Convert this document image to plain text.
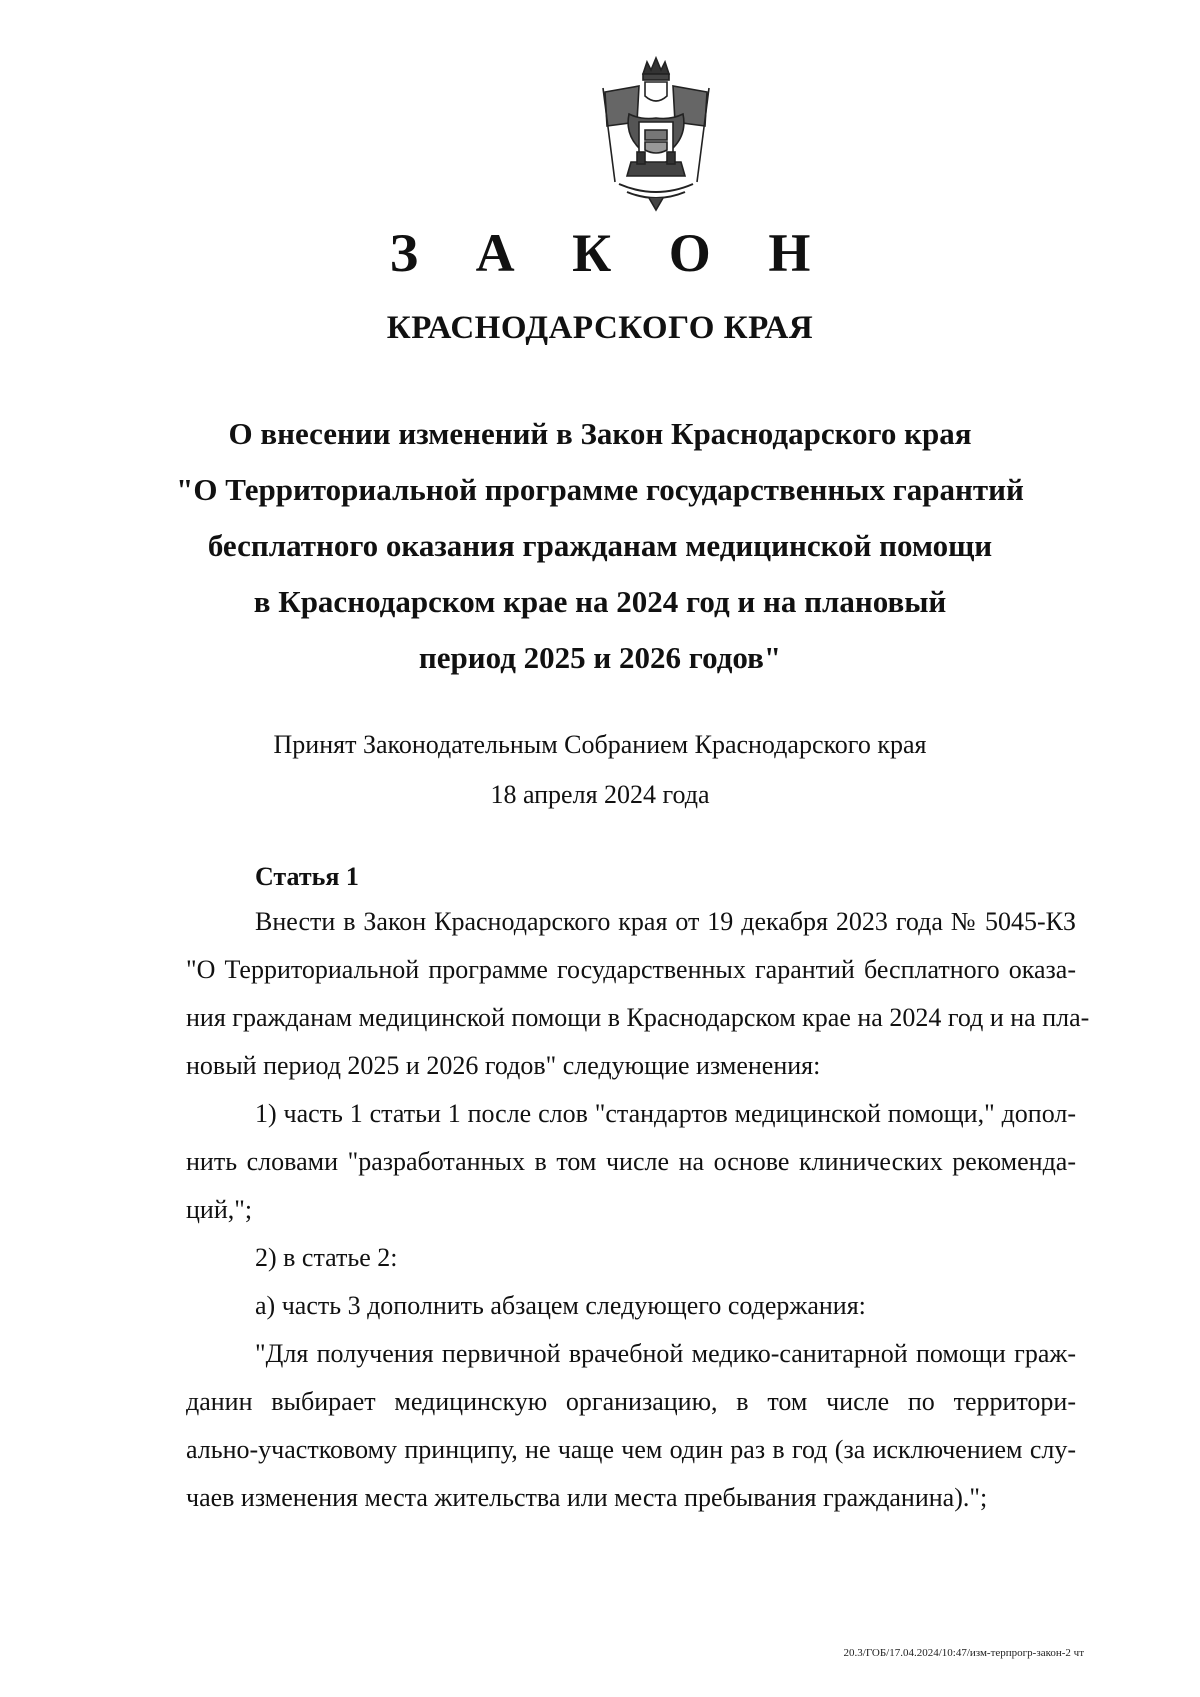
З А К О Н
КРАСНОДАРСКОГО КРАЯ
О внесении изменений в Закон Краснодарского края
"О Территориальной программе государственных гарантий
бесплатного оказания гражданам медицинской помощи
в Краснодарском крае на 2024 год и на плановый
период 2025 и 2026 годов"
Принят Законодательным Собранием Краснодарского края
18 апреля 2024 года
Статья 1

Внести в Закон Краснодарского края от 19 декабря 2023 года № 5045-КЗ
"О Территориальной программе государственных гарантий бесплатного оказа-
ния гражданам медицинской помощи в Краснодарском крае на 2024 год и на пла-
новый период 2025 и 2026 годов" следующие изменения:

1) часть 1 статьи 1 после слов "стандартов медицинской помощи," допол-
нить словами "разработанных в том числе на основе клинических рекоменда-
ций,";

2) в статье 2:

а) часть 3 дополнить абзацем следующего содержания:

"Для получения первичной врачебной медико-санитарной помощи граж-
данин выбирает медицинскую организацию, в том числе по территори-
ально-участковому принципу, не чаще чем один раз в год (за исключением слу-
чаев изменения места жительства или места пребывания гражданина).";

20.3/ГОБ/17.04.2024/10:47/изм-терпрогр-закон-2 чт
